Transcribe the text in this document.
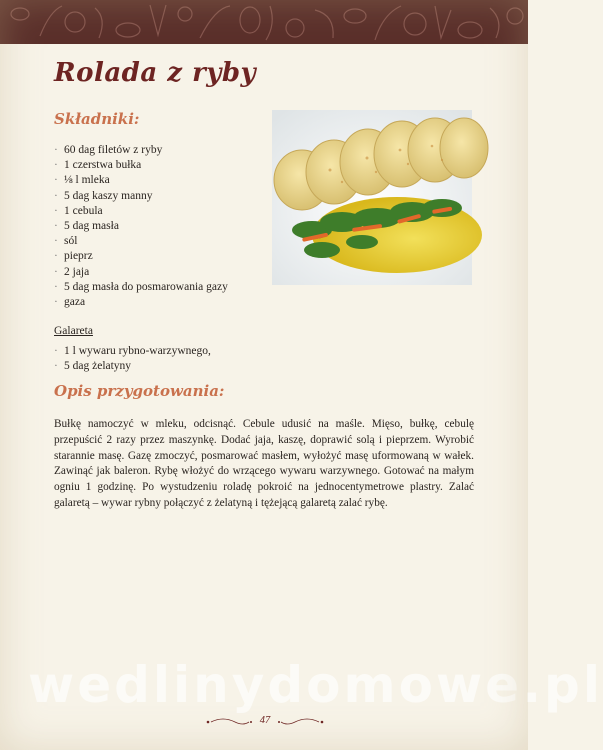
Rolada z ryby
Składniki:
· 60 dag filetów z ryby
· 1 czerstwa bułka
· ⅛ l mleka
· 5 dag kaszy manny
· 1 cebula
· 5 dag masła
· sól
· pieprz
· 2 jaja
· 5 dag masła do posmarowania gazy
· gaza

Galareta

· 1 l wywaru rybno-warzywnego,
· 5 dag żelatyny
Opis przygotowania:

Bułkę namoczyć w mleku, odcisnąć. Cebule udusić na maśle. Mięso, bułkę, cebulę przepuścić 2 razy przez maszynkę. Dodać jaja, kaszę, doprawić solą i pieprzem. Wyrobić starannie masę. Gazę zmoczyć, posmarować masłem, wyłożyć masę uformowaną w wałek. Zawinąć jak baleron. Rybę włożyć do wrzącego wywaru warzywnego. Gotować na małym ogniu 1 godzinę. Po wystudzeniu roladę pokroić na jednocentymetrowe plastry. Zalać galaretą – wywar rybny połączyć z żelatyną i tężejącą galaretą zalać rybę.

wedlinydomowe.pl
47
